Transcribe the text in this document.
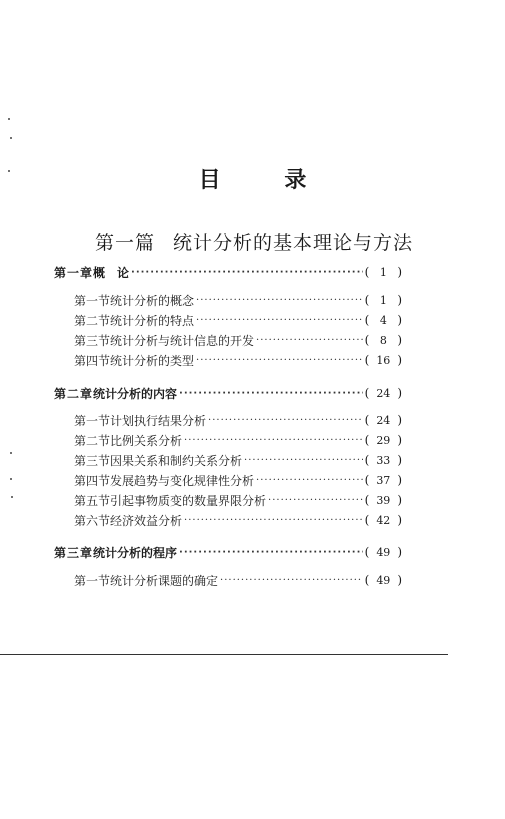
目 录
第一篇 统计分析的基本理论与方法
第一章 概　论 ·····	( 1 )
第一节 统计分析的概念 ·····	( 1 )
第二节 统计分析的特点 ·····	( 4 )
第三节 统计分析与统计信息的开发 ·····	( 8 )
第四节 统计分析的类型 ·····	( 16 )
第二章 统计分析的内容 ·····	( 24 )
第一节 计划执行结果分析 ·····	( 24 )
第二节 比例关系分析 ·····	( 29 )
第三节 因果关系和制约关系分析 ·····	( 33 )
第四节 发展趋势与变化规律性分析 ·····	( 37 )
第五节 引起事物质变的数量界限分析 ·····	( 39 )
第六节 经济效益分析 ·····	( 42 )
第三章 统计分析的程序 ·····	( 49 )
第一节 统计分析课题的确定 ·····	( 49 )
